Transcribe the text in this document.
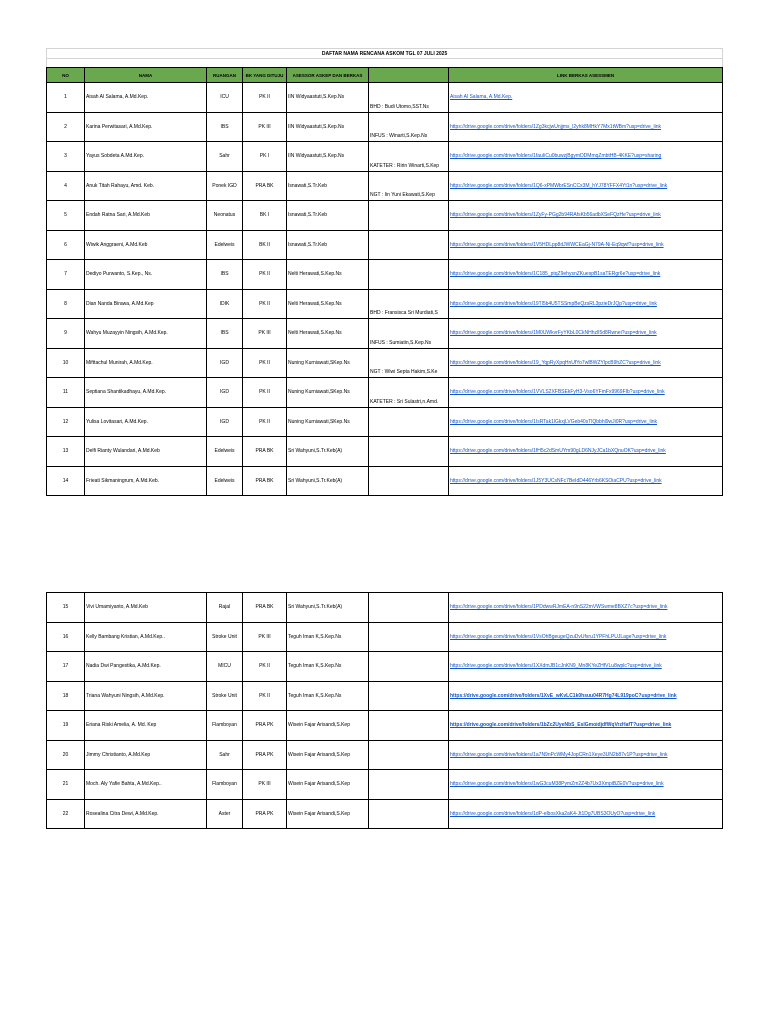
DAFTAR NAMA RENCANA ASKOM TGL 07 JULI 2025						

NO	NAMA	RUANGAN	BK YANG DITUJU	ASESSOR ASKEP DAN BERKAS		LINK BERKAS ASESSMEN
1	Aisah Al Salama, A.Md.Kep.	ICU	PK II	IIN Widyaastuti,S.Kep.Ns	BHD : Budi Utomo,SST.Ns	Aisah Al Salama, A.Md.Kep.
2	Karina Perwitasari, A.Md.Kep.	IBS	PK III	IIN Widyaastuti,S.Kep.Ns	INFUS : Winarti,S.Kep.Ns	https://drive.google.com/drive/folders/1Zg3kcjwUnjjms_l2yhk8MHkY7Mx1tWBm?usp=drive_link
3	Yayus Sobdeta A.Md.Kep.	Sahr	PK I	IIN Widyaastuti,S.Kep.Ns	KATETER : Ririn Winarti,S.Kep	https://drive.google.com/drive/folders/1fauIiCu0buwzjBgymDDMmqZmbtHB-4KKE?usp=sharing
4	Anuk Titah Rahayu, Amd. Keb.	Ponek IGD	PRA BK	Isnawati,S.Tr.Keb	NGT : Iin Yuni Ekawati,S.Kep	https://drive.google.com/drive/folders/1Q6-xPMWbrESnCCx3M_hYJ78YFFX4Yt1n?usp=drive_link
5	Endah Ratna Sari, A.Md.Keb	Neonatus	BK I	Isnawati,S.Tr.Keb		https://drive.google.com/drive/folders/1ZyFy-PGg2b94RAfsKb56adbXSeFQzHe?usp=drive_link
6	Wiwik Anggraeni, A.Md.Keb	Edelweis	BK II	Isnawati,S.Tr.Keb		https://drive.google.com/drive/folders/1V5HDLpp8dJWWCEaGj-N79A-Ni-Eq9qwf?usp=drive_link
7	Dediyo Purwanto, S.Kep., Ns.	IBS	PK II	Nelti Herawati,S.Kep.Ns		https://drive.google.com/drive/folders/1C185_ptqZ9ehysnZKuespB1saTERgr6e?usp=drive_link
8	Dian Nanda Birawa, A.Md.Kep	IDIK	PK II	Nelti Herawati,S.Kep.Ns	BHD : Fransisca Sri Murdiati,S	https://drive.google.com/drive/folders/19Tl5b4U5TSSmpBeQzsRL3pzieDrJQp?usp=drive_link
9	Wahyu Muzayyin Ningsih, A.Md.Kep.	IBS	PK III	Nelti Herawati,S.Kep.Ns	INFUS : Sumiatin,S.Kep.Ns	https://drive.google.com/drive/folders/1M0UWkvrFyYKbL0CkNHhzlI5d8Rwnei?usp=drive_link
10	Mifttachul Munirah, A.Md.Kep.	IGD	PK II	Nuning Kurniawati,SKep.Ns	NGT : Wiwi Septa Hakim,S.Ke	https://drive.google.com/drive/folders/19_YqpRyXpqHnUfYo7wlBWZYlpcB9hZC?usp=drive_link
11	Septiana Shantikadhayu, A.Md.Kep.	IGD	PK II	Nuning Kurniawati,SKep.Ns	KATETER : Sri Sulastri,n.Amd.	https://drive.google.com/drive/folders/1VVLS2XFBSEkFyH3-Vso6YFmFx9969FIb?usp=drive_link
12	Yulisa Lovitasari, A.Md.Kep.	IGD	PK II	Nuning Kurniawati,SKep.Ns		https://drive.google.com/drive/folders/1IsRTak1lGkxjLVGeb40sTlQbbhl9wJi0R?usp=drive_link
13	Delfi Rianty Wulandari, A.Md.Keb	Edelweis	PRA BK	Sri Wahyuni,S.Tr.Keb(A)		https://drive.google.com/drive/folders/1fH5c2dSmUYm90gLD6NJyJCa1bXQnuOK?usp=drive_link
14	Frieati Sikmaningrum, A.Md.Keb.	Edelweis	PRA BK	Sri Wahyuni,S.Tr.Keb(A)		https://drive.google.com/drive/folders/1J5Y3UCsNFc7BeIdD446Yrb6KSOiaCPU?usp=drive_link
15	Vivi Umamiyanto, A.Md.Keb	Rajal	PRA BK	Sri Wahyuni,S.Tr.Keb(A)		https://drive.google.com/drive/folders/1PDdwwRJmEA-n9nS22mVWSwme8BXZ7c?usp=drive_link
16	Kelly Bambang Kristian, A.Md.Kep..	Stroke Unit	PK III	Teguh Iman K,S.Kep.Ns		https://drive.google.com/drive/folders/1VsOhBgeugeQzuDvUfsru1YPFhLPUJLage?usp=drive_link
17	Nadia Dwi Pangestika, A.Md.Kep.	MICU	PK II	Teguh Iman K,S.Kep.Ns		https://drive.google.com/drive/folders/1XXdmJB1cJnKN9_Mn8KYeZHfVLu8wplc?usp=drive_link
18	Triana Wahyuni Ningsih, A.Md.Kep.	Stroke Unit	PK II	Teguh Iman K,S.Kep.Ns		https://drive.google.com/drive/folders/1XvE_wKvLC1k0hsuu04R7Hg74L919poC?usp=drive_link
19	Eriana Riski Amelia, A. Md. Kep	Flamboyan	PRA PK	Wisein Fajar Arisandi,S.Kep		https://drive.google.com/drive/folders/1bZc2UyeNbS_EslGmoidjdfWqVrzHafT?usp=drive_link
20	Jimmy Christianto, A.Md.Kep	Sahr	PRA PK	Wisein Fajar Arisandi,S.Kep		https://drive.google.com/drive/folders/1a7N9nPcWMy4JopCRn1Xeye3UN2b87v1P?usp=drive_link
21	Moch. Aly Yafie Bahta, A.Md.Kep..	Flamboyan	PK III	Wisein Fajar Arisandi,S.Kep		https://drive.google.com/drive/folders/1wG3cuM38PymZm2Z4b7Ux3XmpiBZE0V?usp=drive_link
22	Rosealina Citra Dewi, A.Md.Kep.	Aster	PRA PK	Wisein Fajar Arisandi,S.Kep		https://drive.google.com/drive/folders/1dP-elbosXka2aK4-Jt1Dg7UBS3OUyO?usp=drive_link
